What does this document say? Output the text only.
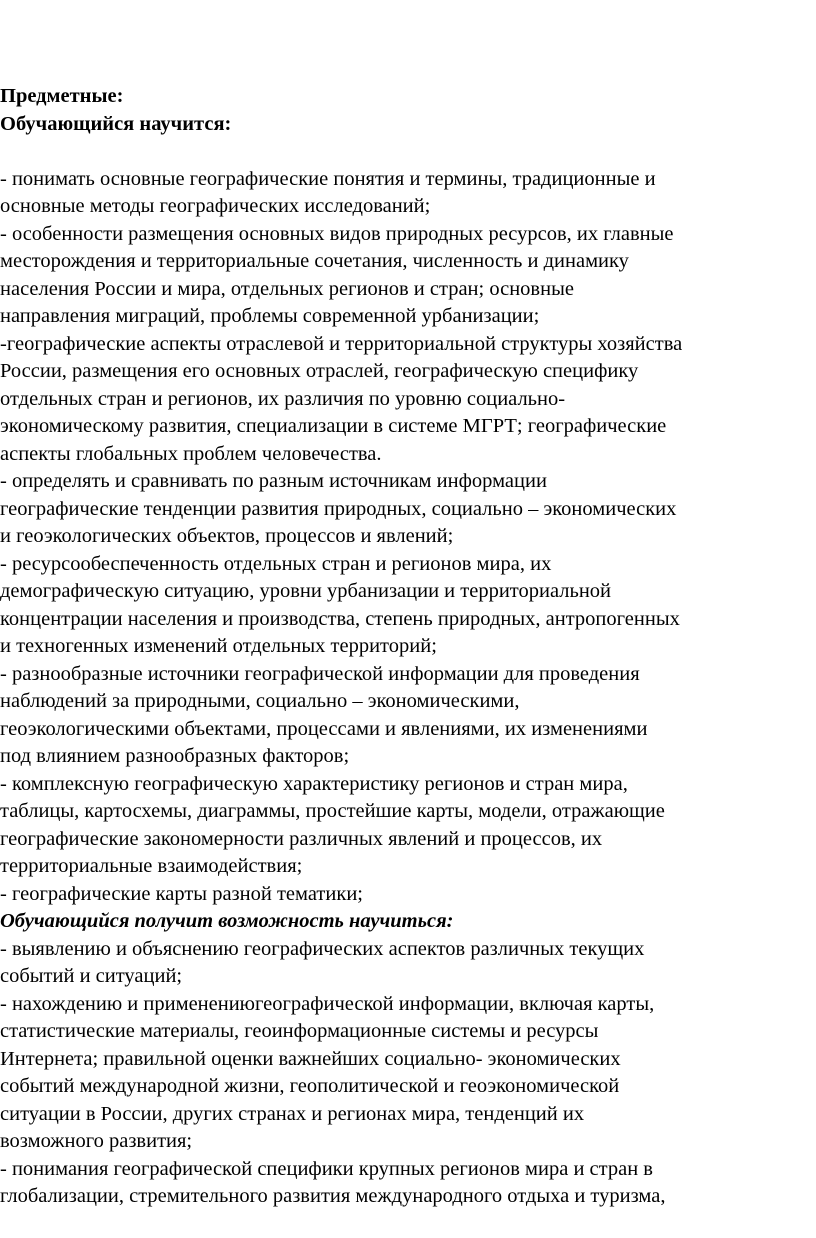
Предметные:
Обучающийся научится:
- понимать основные географические понятия и термины, традиционные и
основные методы географических исследований;
- особенности размещения основных видов природных ресурсов, их главные
месторождения и территориальные сочетания, численность и динамику
населения России и мира, отдельных регионов и стран; основные
направления миграций, проблемы современной урбанизации;
-географические аспекты отраслевой и территориальной структуры хозяйства
России, размещения его основных отраслей, географическую специфику
отдельных стран и регионов, их различия по уровню социально-
экономическому развития, специализации в системе МГРТ; географические
аспекты глобальных проблем человечества.
- определять и сравнивать по разным источникам информации
географические тенденции развития природных, социально – экономических
и геоэкологических объектов, процессов и явлений;
- ресурсообеспеченность отдельных стран и регионов мира, их
демографическую ситуацию, уровни урбанизации и территориальной
концентрации населения и производства, степень природных, антропогенных
и техногенных изменений отдельных территорий;
- разнообразные источники географической информации для проведения
наблюдений за природными, социально – экономическими,
геоэкологическими объектами, процессами и явлениями, их изменениями
под влиянием разнообразных факторов;
- комплексную географическую характеристику регионов и стран мира,
таблицы, картосхемы, диаграммы, простейшие карты, модели, отражающие
географические закономерности различных явлений и процессов, их
территориальные взаимодействия;
- географические карты разной тематики;
Обучающийся получит возможность научиться:
- выявлению и объяснению географических аспектов различных текущих
событий и ситуаций;
- нахождению и применениюгеографической информации, включая карты,
статистические материалы, геоинформационные системы и ресурсы
Интернета; правильной оценки важнейших социально- экономических
событий международной жизни, геополитической и геоэкономической
ситуации в России, других странах и регионах мира, тенденций их
возможного развития;
- понимания географической специфики крупных регионов мира и стран в
глобализации, стремительного развития международного отдыха и туризма,
